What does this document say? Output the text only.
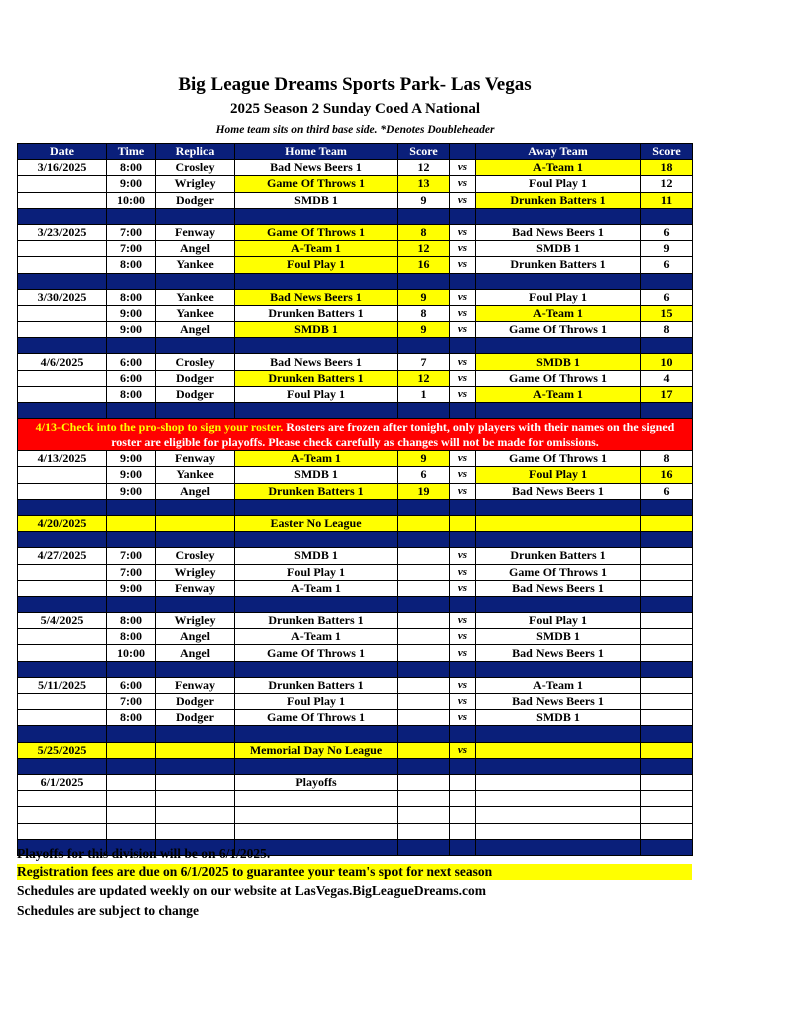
Big League Dreams Sports Park- Las Vegas
2025 Season 2 Sunday Coed A National
Home team sits on third base side. *Denotes Doubleheader
Date	Time	Replica	Home Team	Score		Away Team	Score
3/16/2025	8:00	Crosley	Bad News Beers 1	12	vs	A-Team 1	18
	9:00	Wrigley	Game Of Throws 1	13	vs	Foul Play 1	12
	10:00	Dodger	SMDB 1	9	vs	Drunken Batters 1	11

3/23/2025	7:00	Fenway	Game Of Throws 1	8	vs	Bad News Beers 1	6
	7:00	Angel	A-Team 1	12	vs	SMDB 1	9
	8:00	Yankee	Foul Play 1	16	vs	Drunken Batters 1	6

3/30/2025	8:00	Yankee	Bad News Beers 1	9	vs	Foul Play 1	6
	9:00	Yankee	Drunken Batters 1	8	vs	A-Team 1	15
	9:00	Angel	SMDB 1	9	vs	Game Of Throws 1	8

4/6/2025	6:00	Crosley	Bad News Beers 1	7	vs	SMDB 1	10
	6:00	Dodger	Drunken Batters 1	12	vs	Game Of Throws 1	4
	8:00	Dodger	Foul Play 1	1	vs	A-Team 1	17

4/13-Check into the pro-shop to sign your roster. Rosters are frozen after tonight, only players with their names on the signed roster are eligible for playoffs. Please check carefully as changes will not be made for omissions.							
4/13/2025	9:00	Fenway	A-Team 1	9	vs	Game Of Throws 1	8
	9:00	Yankee	SMDB 1	6	vs	Foul Play 1	16
	9:00	Angel	Drunken Batters 1	19	vs	Bad News Beers 1	6

4/20/2025			Easter No League				

4/27/2025	7:00	Crosley	SMDB 1		vs	Drunken Batters 1	
	7:00	Wrigley	Foul Play 1		vs	Game Of Throws 1	
	9:00	Fenway	A-Team 1		vs	Bad News Beers 1	

5/4/2025	8:00	Wrigley	Drunken Batters 1		vs	Foul Play 1	
	8:00	Angel	A-Team 1		vs	SMDB 1	
	10:00	Angel	Game Of Throws 1		vs	Bad News Beers 1	

5/11/2025	6:00	Fenway	Drunken Batters 1		vs	A-Team 1	
	7:00	Dodger	Foul Play 1		vs	Bad News Beers 1	
	8:00	Dodger	Game Of Throws 1		vs	SMDB 1	

5/25/2025			Memorial Day No League		vs		

6/1/2025			Playoffs				

Playoffs for this division will be on 6/1/2025.
Registration fees are due on 6/1/2025 to guarantee your team's spot for next season
Schedules are updated weekly on our website at LasVegas.BigLeagueDreams.com
Schedules are subject to change
